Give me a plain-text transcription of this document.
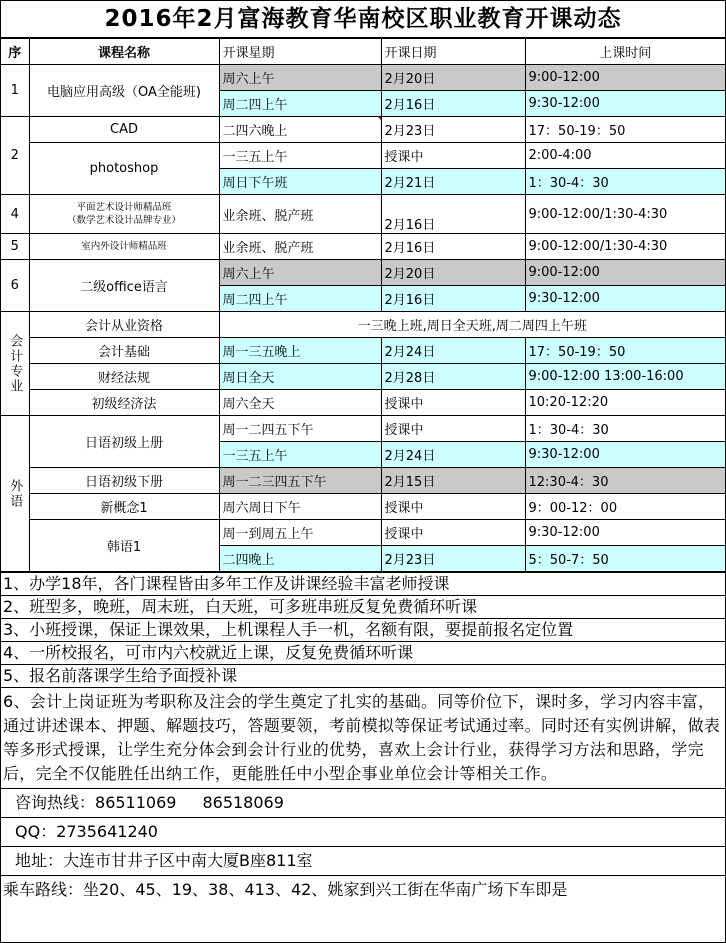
2016年2月富海教育华南校区职业教育开课动态
序	课程名称	开课星期	开课日期	上课时间
1	电脑应用高级（OA全能班)	周六上午	2月20日	9:00-12:00
		周二四上午	2月16日	9:30-12:00
2	CAD	二四六晚上	2月23日	17：50-19：50
	photoshop	一三五上午	授课中	2:00-4:00
		周日下午班	2月21日	1：30-4：30
4	平面艺术设计师精品班
（数学艺术设计品牌专业）	业余班、脱产班	2月16日	9:00-12:00/1:30-4:30
5	室内外设计师精品班	业余班、脱产班	2月16日	9:00-12:00/1:30-4:30
6	二级office语言	周六上午	2月20日	9:00-12:00
		周二四上午	2月16日	9:30-12:00

会计专业	会计从业资格	一三晚上班,周日全天班,周二周四上午班		
	会计基础	周一三五晚上	2月24日	17：50-19：50
	财经法规	周日全天	2月28日	9:00-12:00 13:00-16:00
	初级经济法	周六全天	授课中	10:20-12:20

外语	日语初级上册	周一二四五下午	授课中	1：30-4：30
		一三五上午	2月24日	9:30-12:00
	日语初级下册	周一二三四五下午	2月15日	12:30-4：30
	新概念1	周六周日下午	授课中	9：00-12：00
	韩语1	周一到周五上午	授课中	9:30-12:00
		二四晚上	2月23日	5：50-7：50
1、办学18年，各门课程皆由多年工作及讲课经验丰富老师授课
2、班型多，晚班，周末班，白天班，可多班串班反复免费循环听课
3、小班授课，保证上课效果，上机课程人手一机，名额有限，要提前报名定位置
4、一所校报名，可市内六校就近上课，反复免费循环听课
5、报名前落课学生给予面授补课
6、会计上岗证班为考职称及注会的学生奠定了扎实的基础。同等价位下，课时多，学习内容丰富，通过讲述课本、押题、解题技巧，答题要领，考前模拟等保证考试通过率。同时还有实例讲解，做表等多形式授课，让学生充分体会到会计行业的优势，喜欢上会计行业，获得学习方法和思路，学完后，完全不仅能胜任出纳工作，更能胜任中小型企事业单位会计等相关工作。
咨询热线：86511069 86518069
QQ：2735641240
地址：大连市甘井子区中南大厦B座811室
乘车路线：坐20、45、19、38、413、42、姚家到兴工街在华南广场下车即是
